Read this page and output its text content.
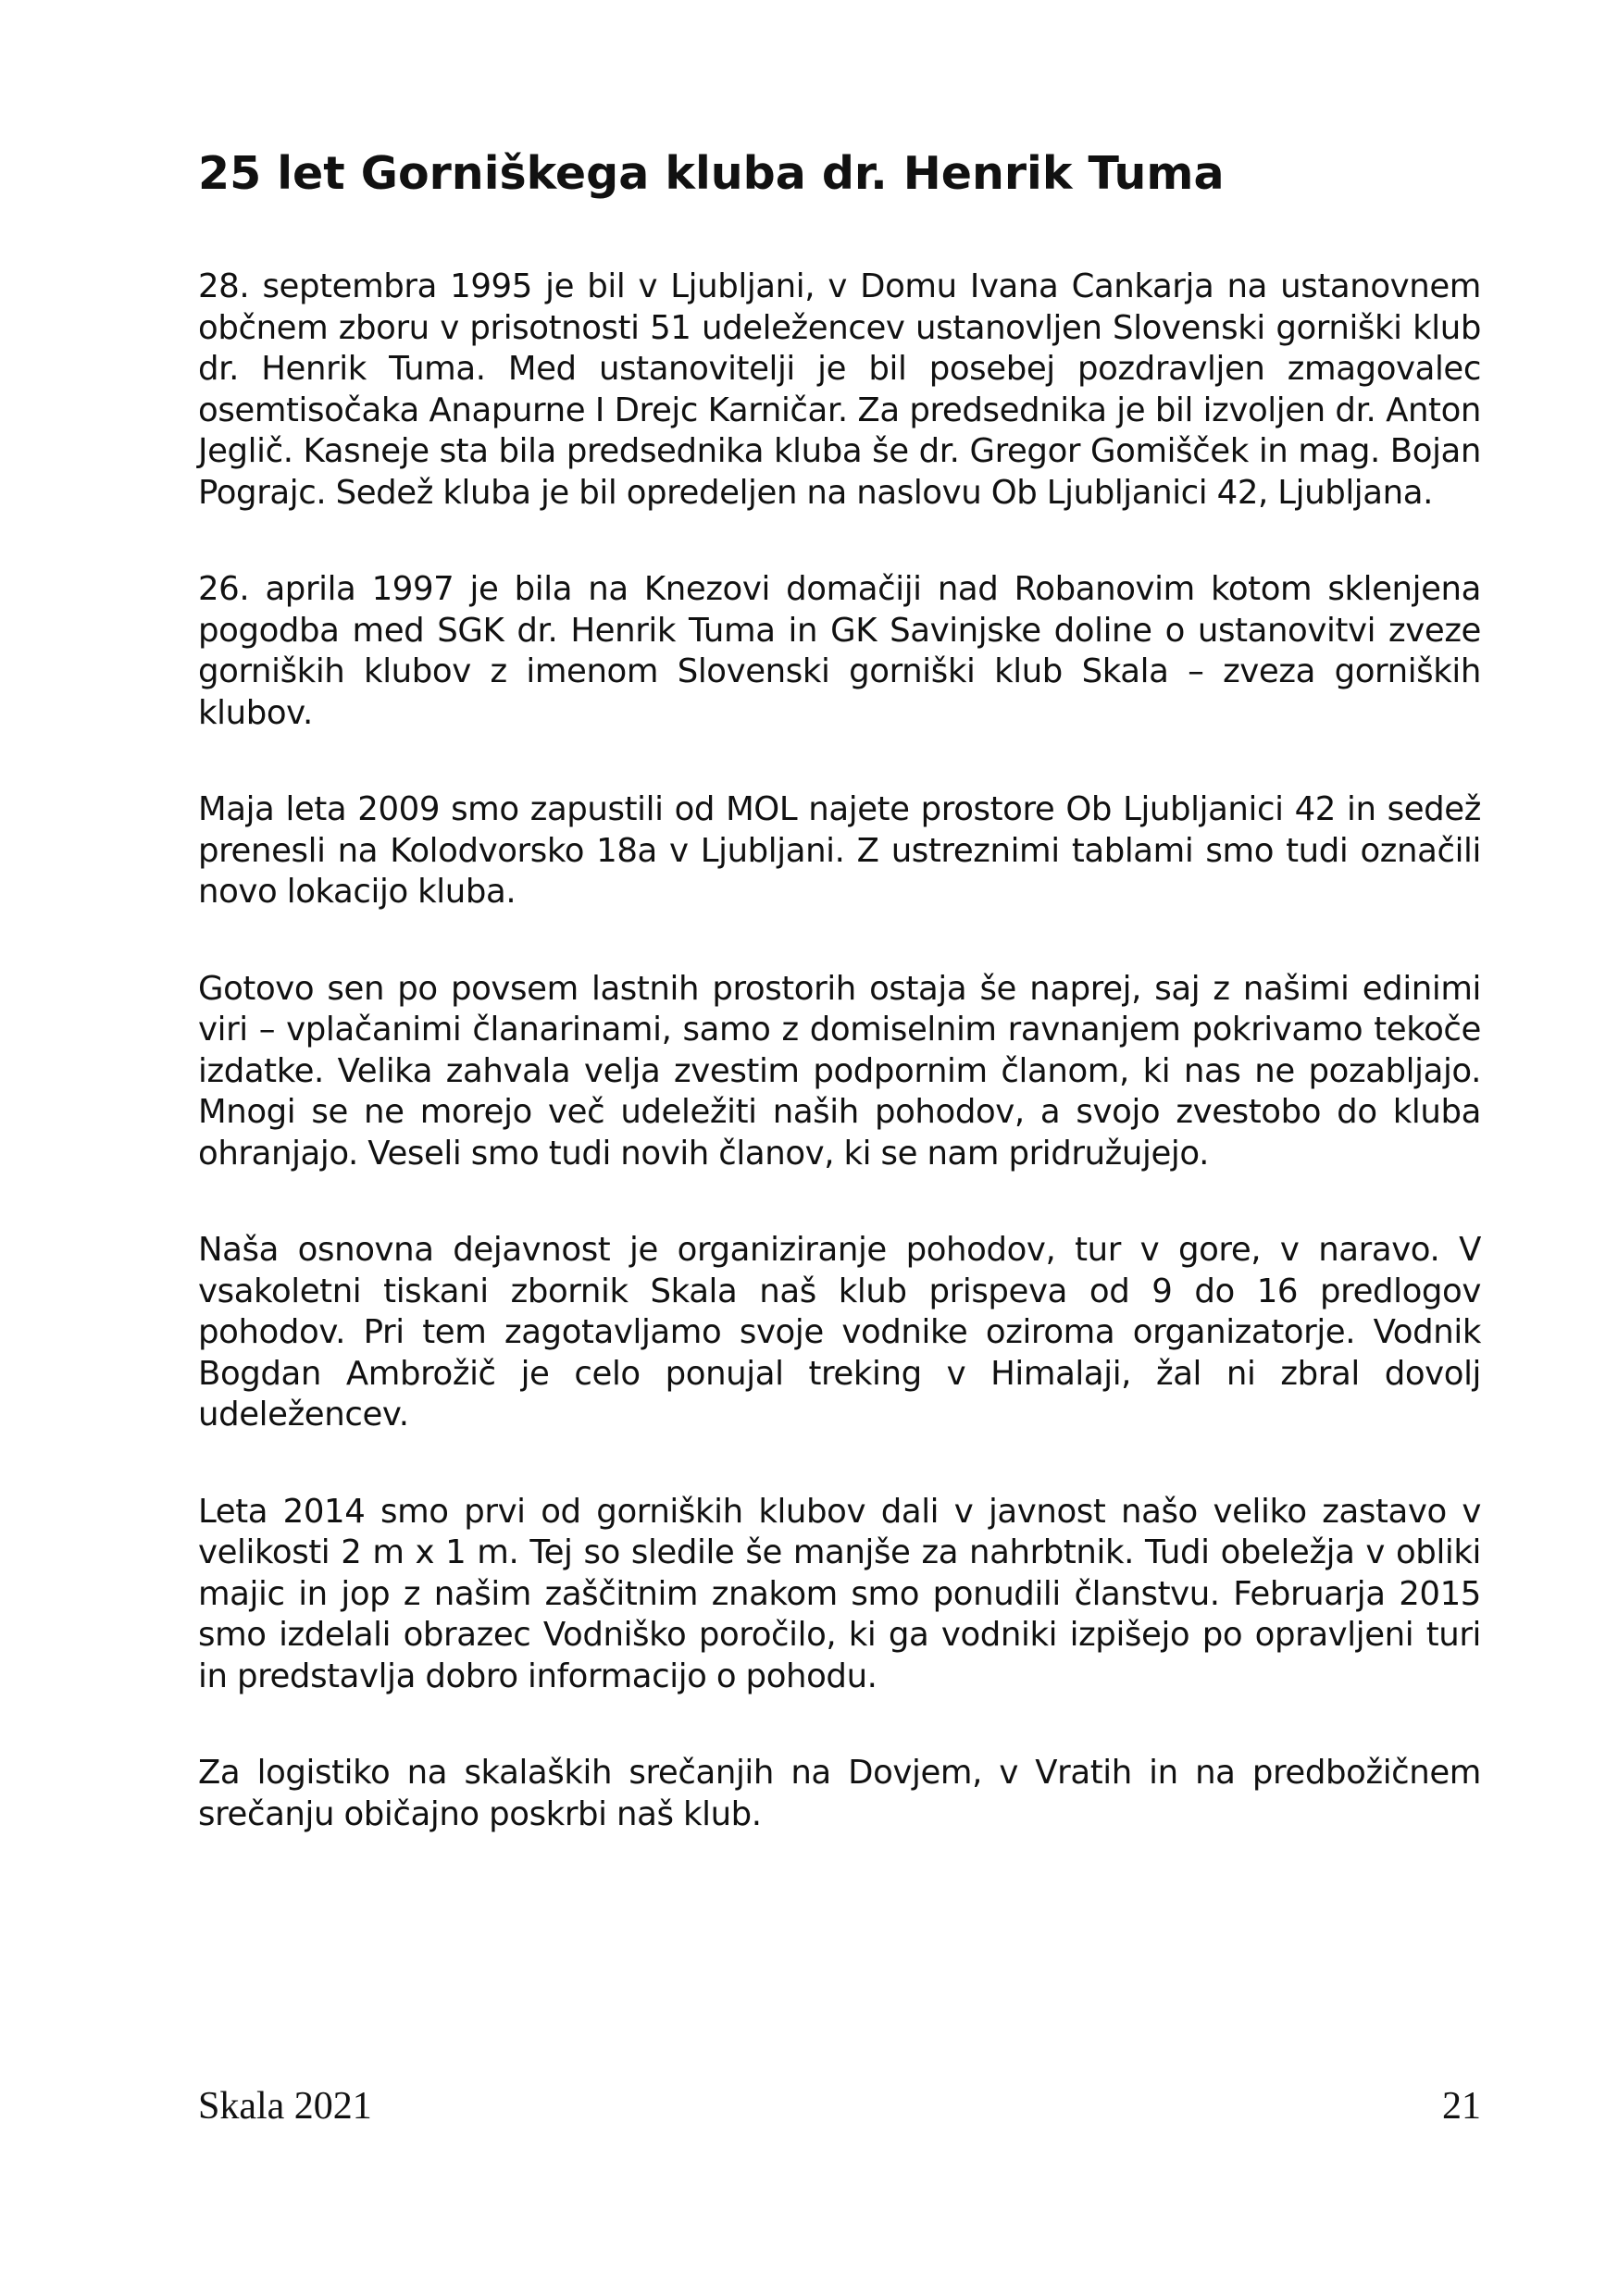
25 let Gorniškega kluba dr. Henrik Tuma

28. septembra 1995 je bil v Ljubljani, v Domu Ivana Cankarja na ustanovnem občnem zboru v prisotnosti 51 udeležencev ustanovljen Slovenski gorniški klub dr. Henrik Tuma. Med ustanovitelji je bil posebej pozdravljen zmagovalec osemtisočaka Anapurne I Drejc Karničar. Za predsednika je bil izvoljen dr. Anton Jeglič. Kasneje sta bila predsednika kluba še dr. Gregor Gomišček in mag. Bojan Pograjc. Sedež kluba je bil opredeljen na naslovu Ob Ljubljanici 42, Ljubljana.

26. aprila 1997 je bila na Knezovi domačiji nad Robanovim kotom sklenjena pogodba med SGK dr. Henrik Tuma in GK Savinjske doline o ustanovitvi zveze gorniških klubov z imenom Slovenski gorniški klub Skala – zveza gorniških klubov.

Maja leta 2009 smo zapustili od MOL najete prostore Ob Ljubljanici 42 in sedež prenesli na Kolodvorsko 18a v Ljubljani. Z ustreznimi tablami smo tudi označili novo lokacijo kluba.

Gotovo sen po povsem lastnih prostorih ostaja še naprej, saj z našimi edinimi viri – vplačanimi članarinami, samo z domiselnim ravnanjem pokrivamo tekoče izdatke. Velika zahvala velja zvestim podpornim članom, ki nas ne pozabljajo. Mnogi se ne morejo več udeležiti naših pohodov, a svojo zvestobo do kluba ohranjajo. Veseli smo tudi novih članov, ki se nam pridružujejo.

Naša osnovna dejavnost je organiziranje pohodov, tur v gore, v naravo. V vsakoletni tiskani zbornik Skala naš klub prispeva od 9 do 16 predlogov pohodov. Pri tem zagotavljamo svoje vodnike oziroma organizatorje. Vodnik Bogdan Ambrožič je celo ponujal treking v Himalaji, žal ni zbral dovolj udeležencev.

Leta 2014 smo prvi od gorniških klubov dali v javnost našo veliko zastavo v velikosti 2 m x 1 m. Tej so sledile še manjše za nahrbtnik. Tudi obeležja v obliki majic in jop z našim zaščitnim znakom smo ponudili članstvu. Februarja 2015 smo izdelali obrazec Vodniško poročilo, ki ga vodniki izpišejo po opravljeni turi in predstavlja dobro informacijo o pohodu.

Za logistiko na skalaških srečanjih na Dovjem, v Vratih in na predbožičnem srečanju običajno poskrbi naš klub.

Skala 2021	21
